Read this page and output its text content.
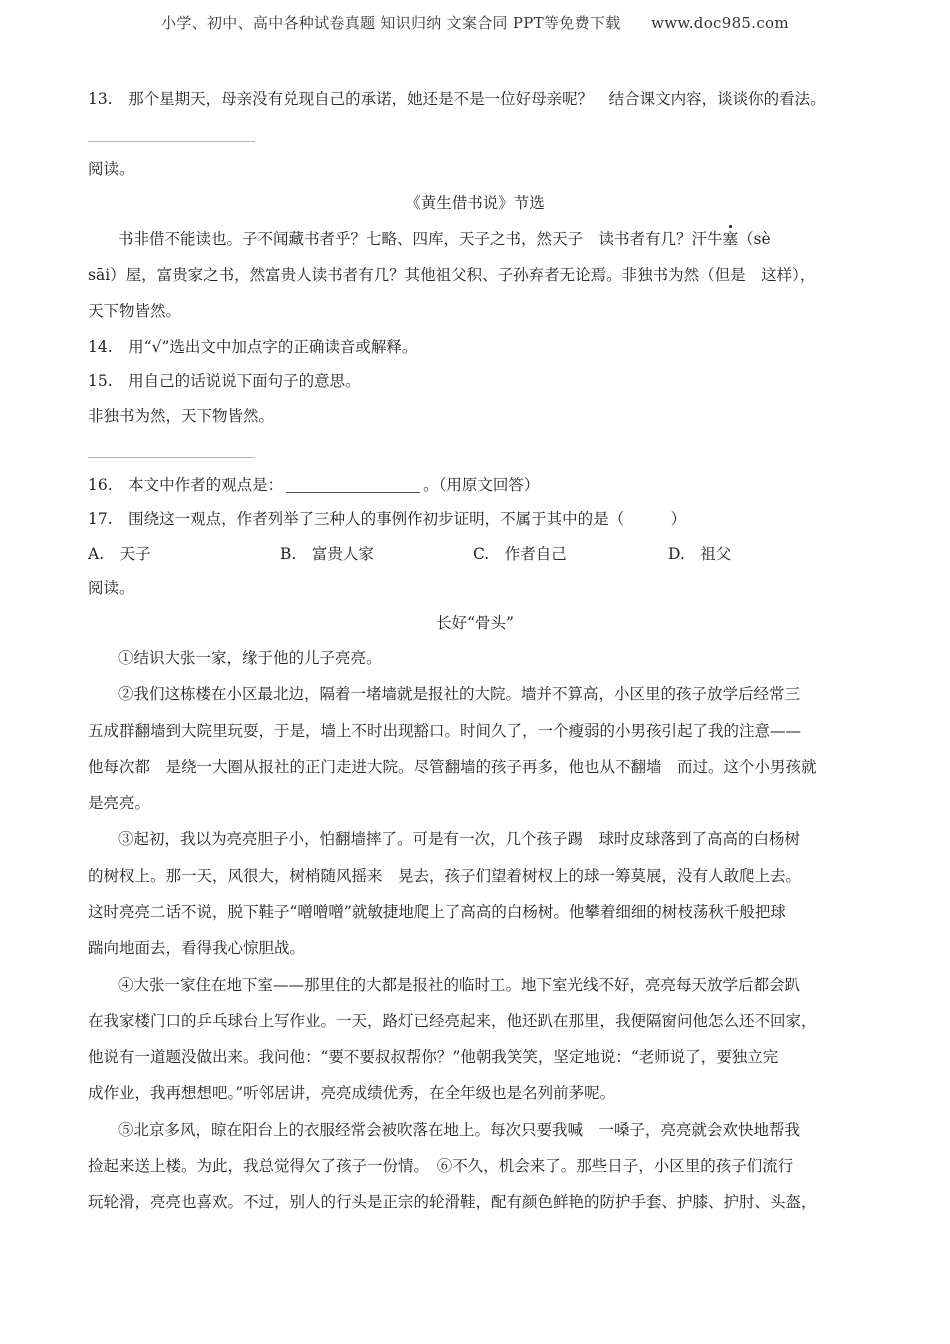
小学、初中、高中各种试卷真题 知识归纳 文案合同 PPT等免费下载　　www.doc985.com
13.　那个星期天，母亲没有兑现自己的承诺，她还是不是一位好母亲呢？　结合课文内容，谈谈你的看法。
阅读。
《黄生借书说》节选
书非借不能读也。子不闻藏书者乎？七略、四库，天子之书，然天子　读书者有几？汗牛塞（sè
sāi）屋，富贵家之书，然富贵人读书者有几？其他祖父积、子孙弃者无论焉。非独书为然（但是　这样），
天下物皆然。
14.　用“√”选出文中加点字的正确读音或解释。
15.　用自己的话说说下面句子的意思。
非独书为然，天下物皆然。
16.　本文中作者的观点是：	。（用原文回答）
17.　围绕这一观点，作者列举了三种人的事例作初步证明，不属于其中的是（　　　）
A.　天子	B.　富贵人家	C.　作者自己	D.　祖父
阅读。
长好“骨头”
①结识大张一家，缘于他的儿子亮亮。
②我们这栋楼在小区最北边，隔着一堵墙就是报社的大院。墙并不算高，小区里的孩子放学后经常三
五成群翻墙到大院里玩耍，于是，墙上不时出现豁口。时间久了，一个瘦弱的小男孩引起了我的注意——
他每次都　是绕一大圈从报社的正门走进大院。尽管翻墙的孩子再多，他也从不翻墙　而过。这个小男孩就
是亮亮。
③起初，我以为亮亮胆子小，怕翻墙摔了。可是有一次，几个孩子踢　球时皮球落到了高高的白杨树
的树杈上。那一天，风很大，树梢随风摇来　晃去，孩子们望着树杈上的球一筹莫展，没有人敢爬上去。
这时亮亮二话不说，脱下鞋子“噌噌噌”就敏捷地爬上了高高的白杨树。他攀着细细的树枝荡秋千般把球
踹向地面去，看得我心惊胆战。
④大张一家住在地下室——那里住的大都是报社的临时工。地下室光线不好，亮亮每天放学后都会趴
在我家楼门口的乒乓球台上写作业。一天，路灯已经亮起来，他还趴在那里，我便隔窗问他怎么还不回家，
他说有一道题没做出来。我问他：“要不要叔叔帮你？”他朝我笑笑，坚定地说：“老师说了，要独立完
成作业，我再想想吧。”听邻居讲，亮亮成绩优秀，在全年级也是名列前茅呢。
⑤北京多风，晾在阳台上的衣服经常会被吹落在地上。每次只要我喊　一嗓子，亮亮就会欢快地帮我
捡起来送上楼。为此，我总觉得欠了孩子一份情。　⑥不久，机会来了。那些日子，小区里的孩子们流行
玩轮滑，亮亮也喜欢。不过，别人的行头是正宗的轮滑鞋，配有颜色鲜艳的防护手套、护膝、护肘、头盔，
